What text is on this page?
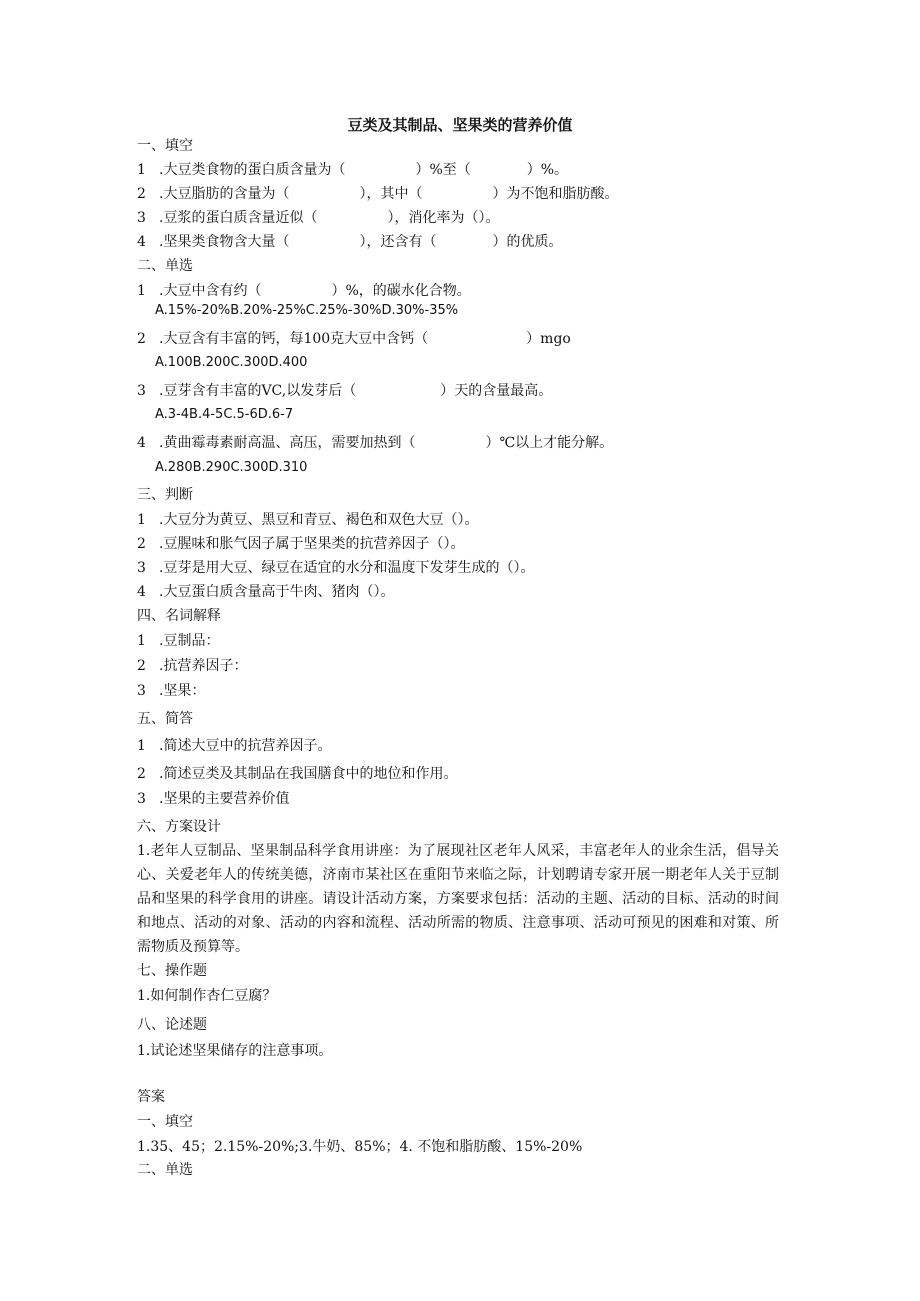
豆类及其制品、坚果类的营养价值
一、填空
1 .大豆类食物的蛋白质含量为（　　　　　）%至（　　　　）%。
2 .大豆脂肪的含量为（　　　　　），其中（　　　　　）为不饱和脂肪酸。
3 .豆浆的蛋白质含量近似（　　　　　），消化率为（）。
4 .坚果类食物含大量（　　　　　），还含有（　　　　）的优质。
二、单选
1 .大豆中含有约（　　　　　）%，的碳水化合物。
A.15%-20%B.20%-25%C.25%-30%D.30%-35%
2 .大豆含有丰富的钙，每100克大豆中含钙（　　　　　　　）mgo
A.100B.200C.300D.400
3 .豆芽含有丰富的VC,以发芽后（　　　　　　）天的含量最高。
A.3-4B.4-5C.5-6D.6-7
4 .黄曲霉毒素耐高温、高压，需要加热到（　　　　　）℃以上才能分解。
A.280B.290C.300D.310
三、判断
1 .大豆分为黄豆、黑豆和青豆、褐色和双色大豆（）。
2 .豆腥味和胀气因子属于坚果类的抗营养因子（）。
3 .豆芽是用大豆、绿豆在适宜的水分和温度下发芽生成的（）。
4 .大豆蛋白质含量高于牛肉、猪肉（）。
四、名词解释
1 .豆制品：
2 .抗营养因子：
3 .坚果：
五、简答
1 .简述大豆中的抗营养因子。
2 .简述豆类及其制品在我国膳食中的地位和作用。
3 .坚果的主要营养价值
六、方案设计
1.老年人豆制品、坚果制品科学食用讲座：为了展现社区老年人风采，丰富老年人的业余生活，倡导关心、关爱老年人的传统美德，济南市某社区在重阳节来临之际，计划聘请专家开展一期老年人关于豆制品和坚果的科学食用的讲座。请设计活动方案，方案要求包括：活动的主题、活动的目标、活动的时间和地点、活动的对象、活动的内容和流程、活动所需的物质、注意事项、活动可预见的困难和对策、所需物质及预算等。
七、操作题
1.如何制作杏仁豆腐？
八、论述题
1.试论述坚果储存的注意事项。
答案
一、填空
1.35、45；2.15%-20%;3.牛奶、85%；4. 不饱和脂肪酸、15%-20%
二、单选
